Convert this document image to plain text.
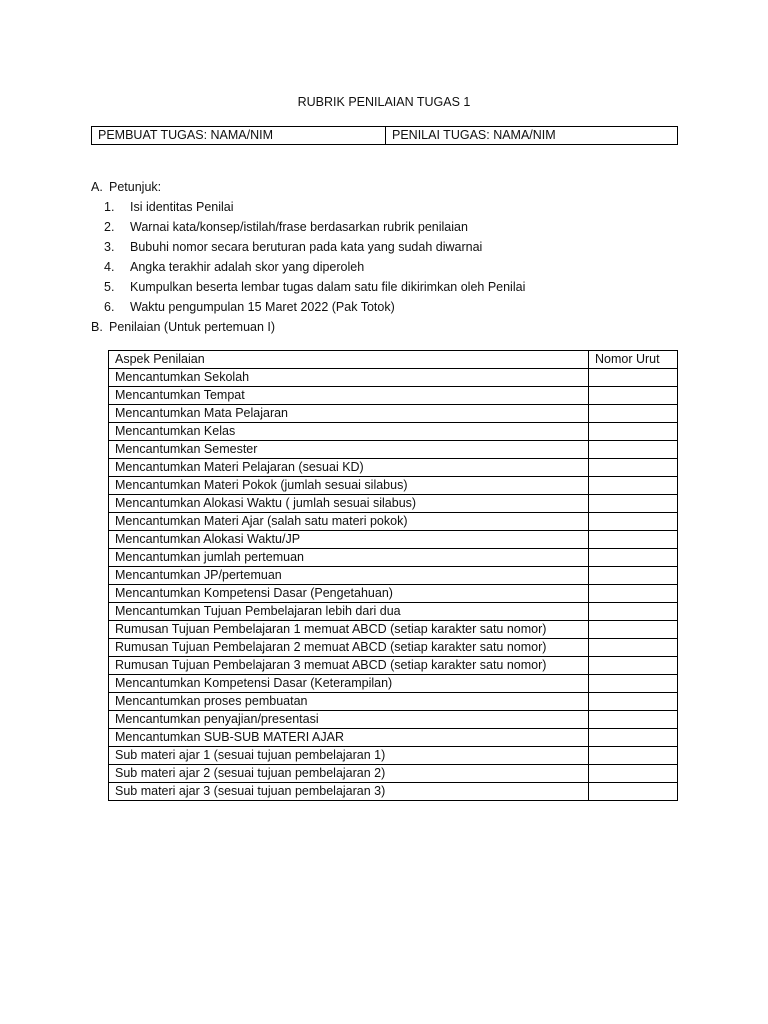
RUBRIK PENILAIAN TUGAS 1
PEMBUAT TUGAS: NAMA/NIM	PENILAI TUGAS: NAMA/NIM
A. Petunjuk:
1. Isi identitas Penilai
2. Warnai kata/konsep/istilah/frase berdasarkan rubrik penilaian
3. Bubuhi nomor secara beruturan pada kata yang sudah diwarnai
4. Angka terakhir adalah skor yang diperoleh
5. Kumpulkan beserta lembar tugas dalam satu file dikirimkan oleh Penilai
6. Waktu pengumpulan 15 Maret 2022 (Pak Totok)
B. Penilaian (Untuk pertemuan I)
Aspek Penilaian	Nomor Urut
Mencantumkan Sekolah	
Mencantumkan Tempat	
Mencantumkan Mata Pelajaran	
Mencantumkan Kelas	
Mencantumkan Semester	
Mencantumkan Materi Pelajaran (sesuai KD)	
Mencantumkan Materi Pokok (jumlah sesuai silabus)	
Mencantumkan Alokasi Waktu ( jumlah sesuai silabus)	
Mencantumkan Materi Ajar (salah satu materi pokok)	
Mencantumkan Alokasi Waktu/JP	
Mencantumkan jumlah pertemuan	
Mencantumkan JP/pertemuan	
Mencantumkan Kompetensi Dasar (Pengetahuan)	
Mencantumkan Tujuan Pembelajaran lebih dari dua	
Rumusan Tujuan Pembelajaran 1 memuat ABCD (setiap karakter satu nomor)	
Rumusan Tujuan Pembelajaran 2 memuat ABCD (setiap karakter satu nomor)	
Rumusan Tujuan Pembelajaran 3 memuat ABCD (setiap karakter satu nomor)	
Mencantumkan Kompetensi Dasar (Keterampilan)	
Mencantumkan proses pembuatan	
Mencantumkan penyajian/presentasi	
Mencantumkan SUB-SUB MATERI AJAR	
Sub materi ajar 1 (sesuai tujuan pembelajaran 1)	
Sub materi ajar 2 (sesuai tujuan pembelajaran 2)	
Sub materi ajar 3 (sesuai tujuan pembelajaran 3)	
